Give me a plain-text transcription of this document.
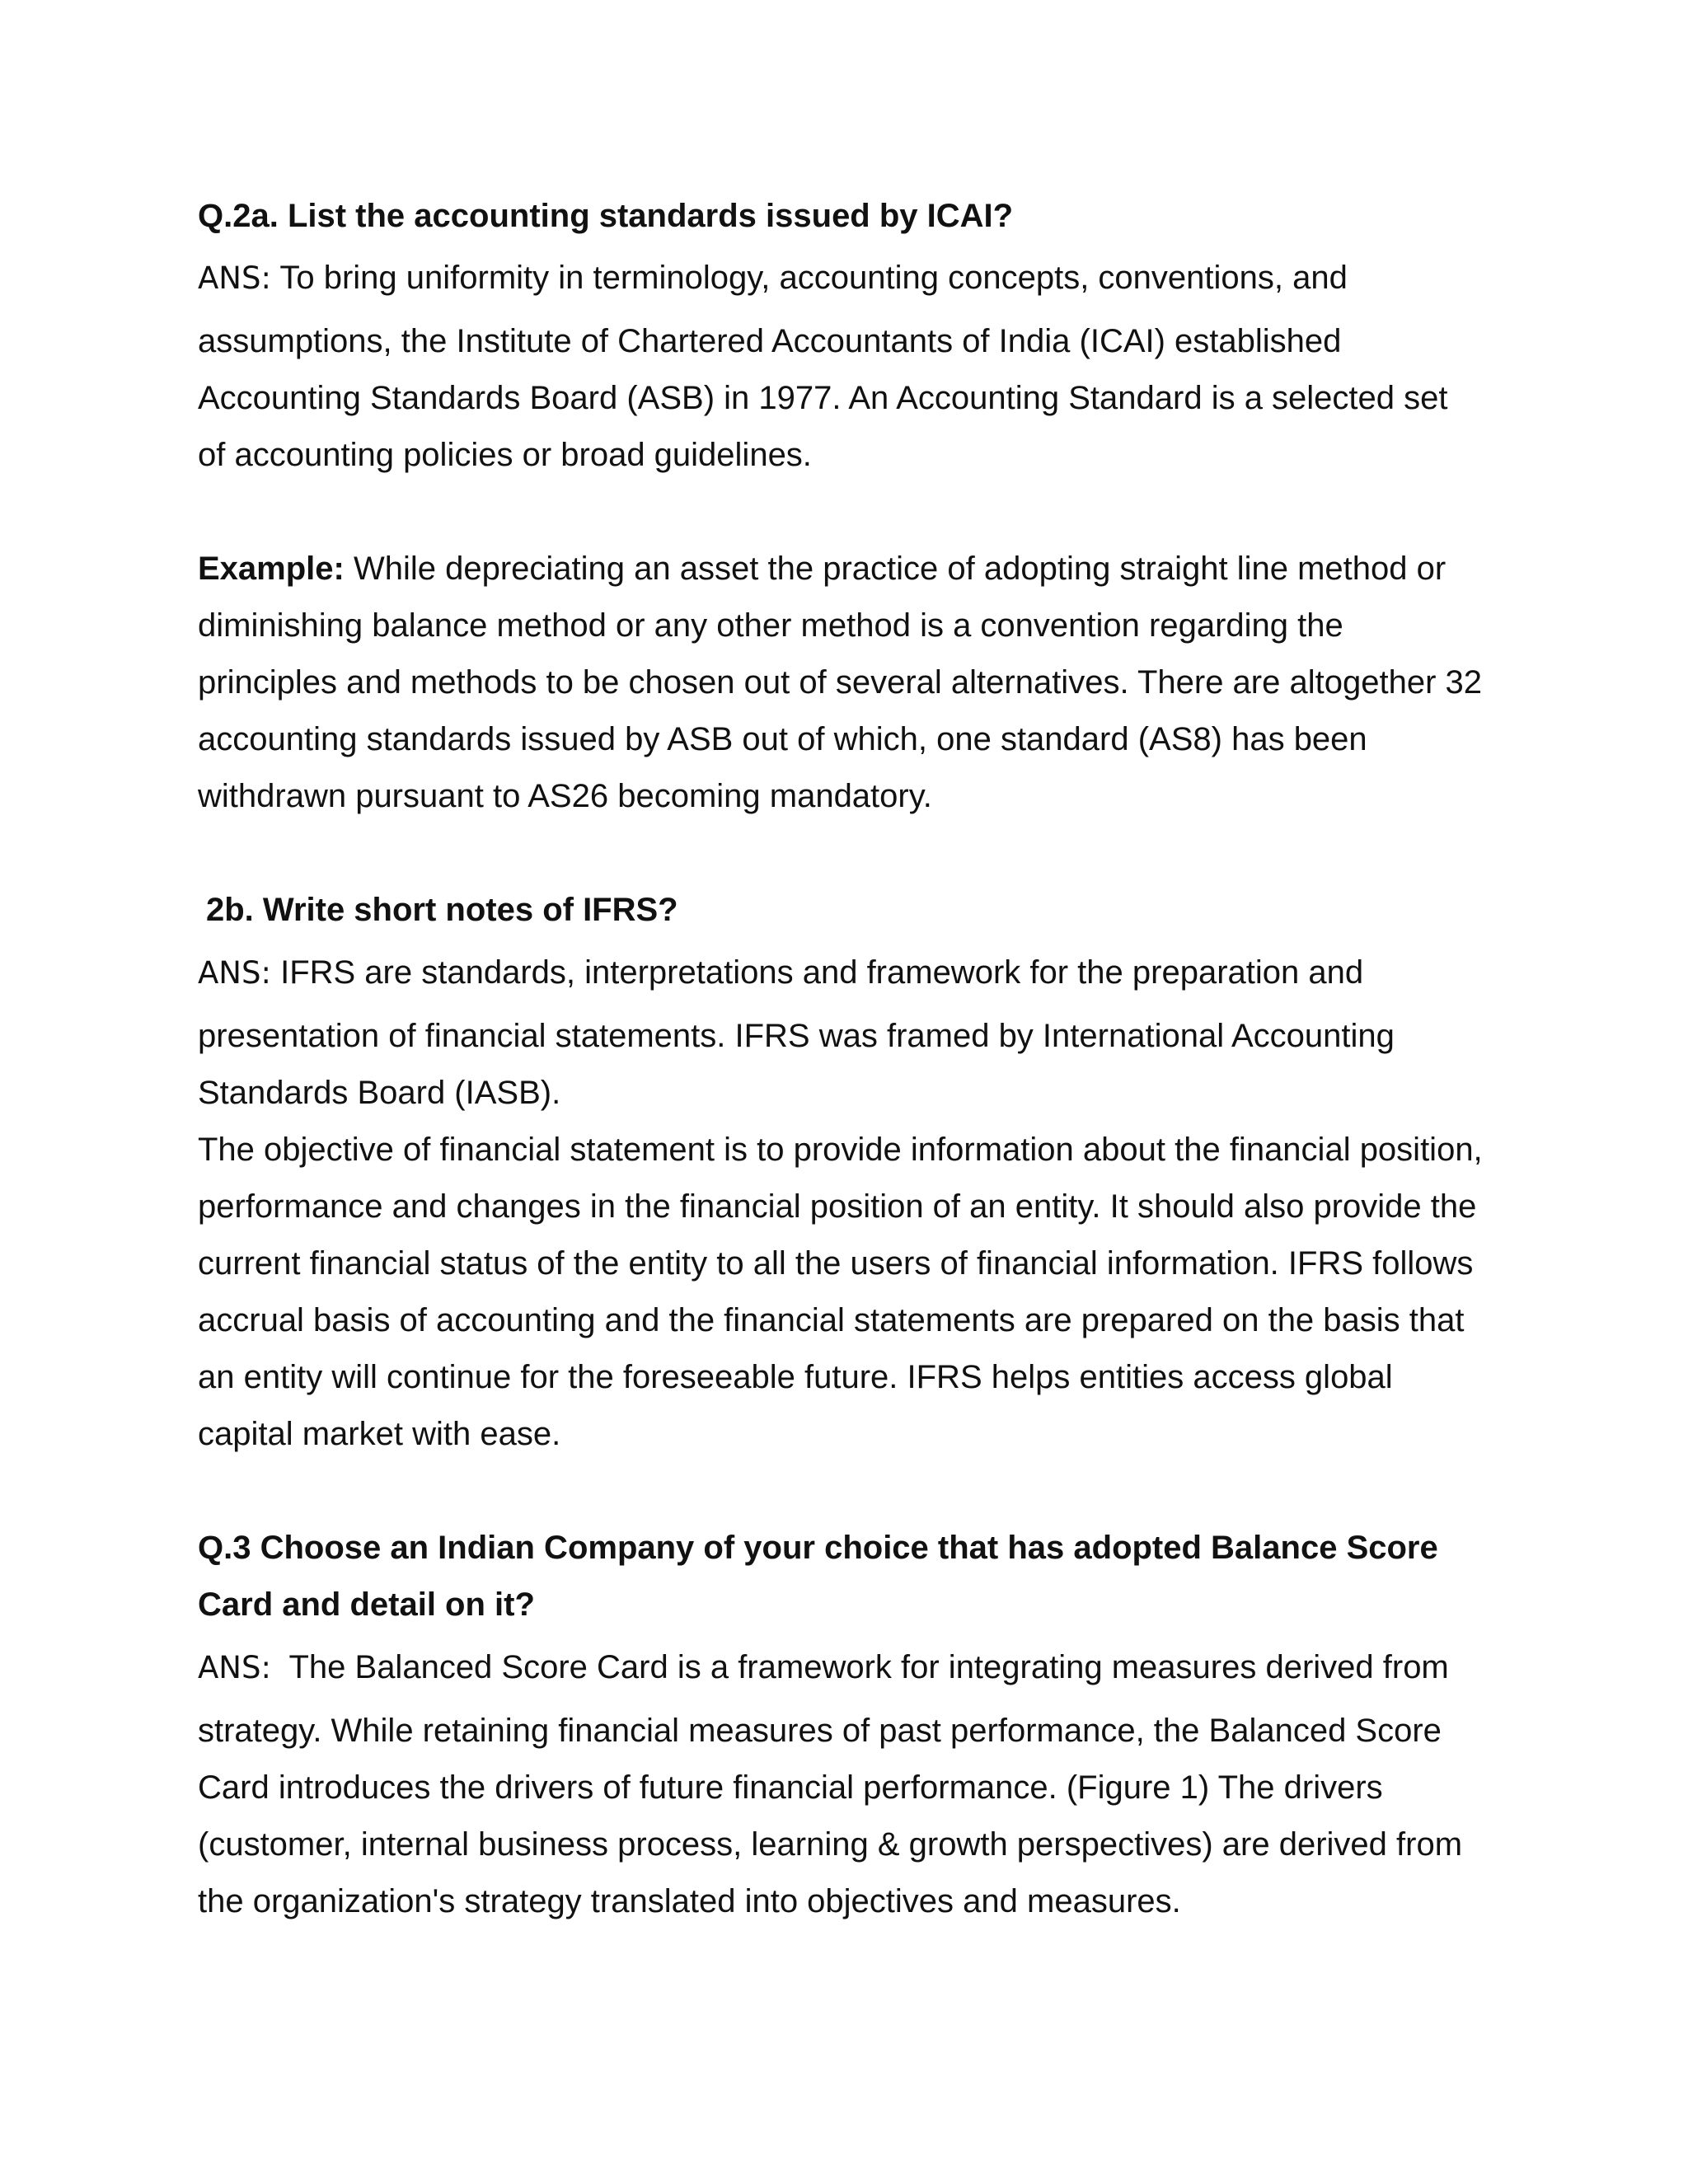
Q.2a. List the accounting standards issued by ICAI?

ANS: To bring uniformity in terminology, accounting concepts, conventions, and

assumptions, the Institute of Chartered Accountants of India (ICAI) established

Accounting Standards Board (ASB) in 1977. An Accounting Standard is a selected set

of accounting policies or broad guidelines.

Example: While depreciating an asset the practice of adopting straight line method or

diminishing balance method or any other method is a convention regarding the

principles and methods to be chosen out of several alternatives. There are altogether 32

accounting standards issued by ASB out of which, one standard (AS8) has been

withdrawn pursuant to AS26 becoming mandatory.

2b. Write short notes of IFRS?

ANS: IFRS are standards, interpretations and framework for the preparation and

presentation of financial statements. IFRS was framed by International Accounting

Standards Board (IASB).

The objective of financial statement is to provide information about the financial position,

performance and changes in the financial position of an entity. It should also provide the

current financial status of the entity to all the users of financial information. IFRS follows

accrual basis of accounting and the financial statements are prepared on the basis that

an entity will continue for the foreseeable future. IFRS helps entities access global

capital market with ease.

Q.3 Choose an Indian Company of your choice that has adopted Balance Score

Card and detail on it?

ANS: The Balanced Score Card is a framework for integrating measures derived from

strategy. While retaining financial measures of past performance, the Balanced Score

Card introduces the drivers of future financial performance. (Figure 1) The drivers

(customer, internal business process, learning & growth perspectives) are derived from

the organization's strategy translated into objectives and measures.
